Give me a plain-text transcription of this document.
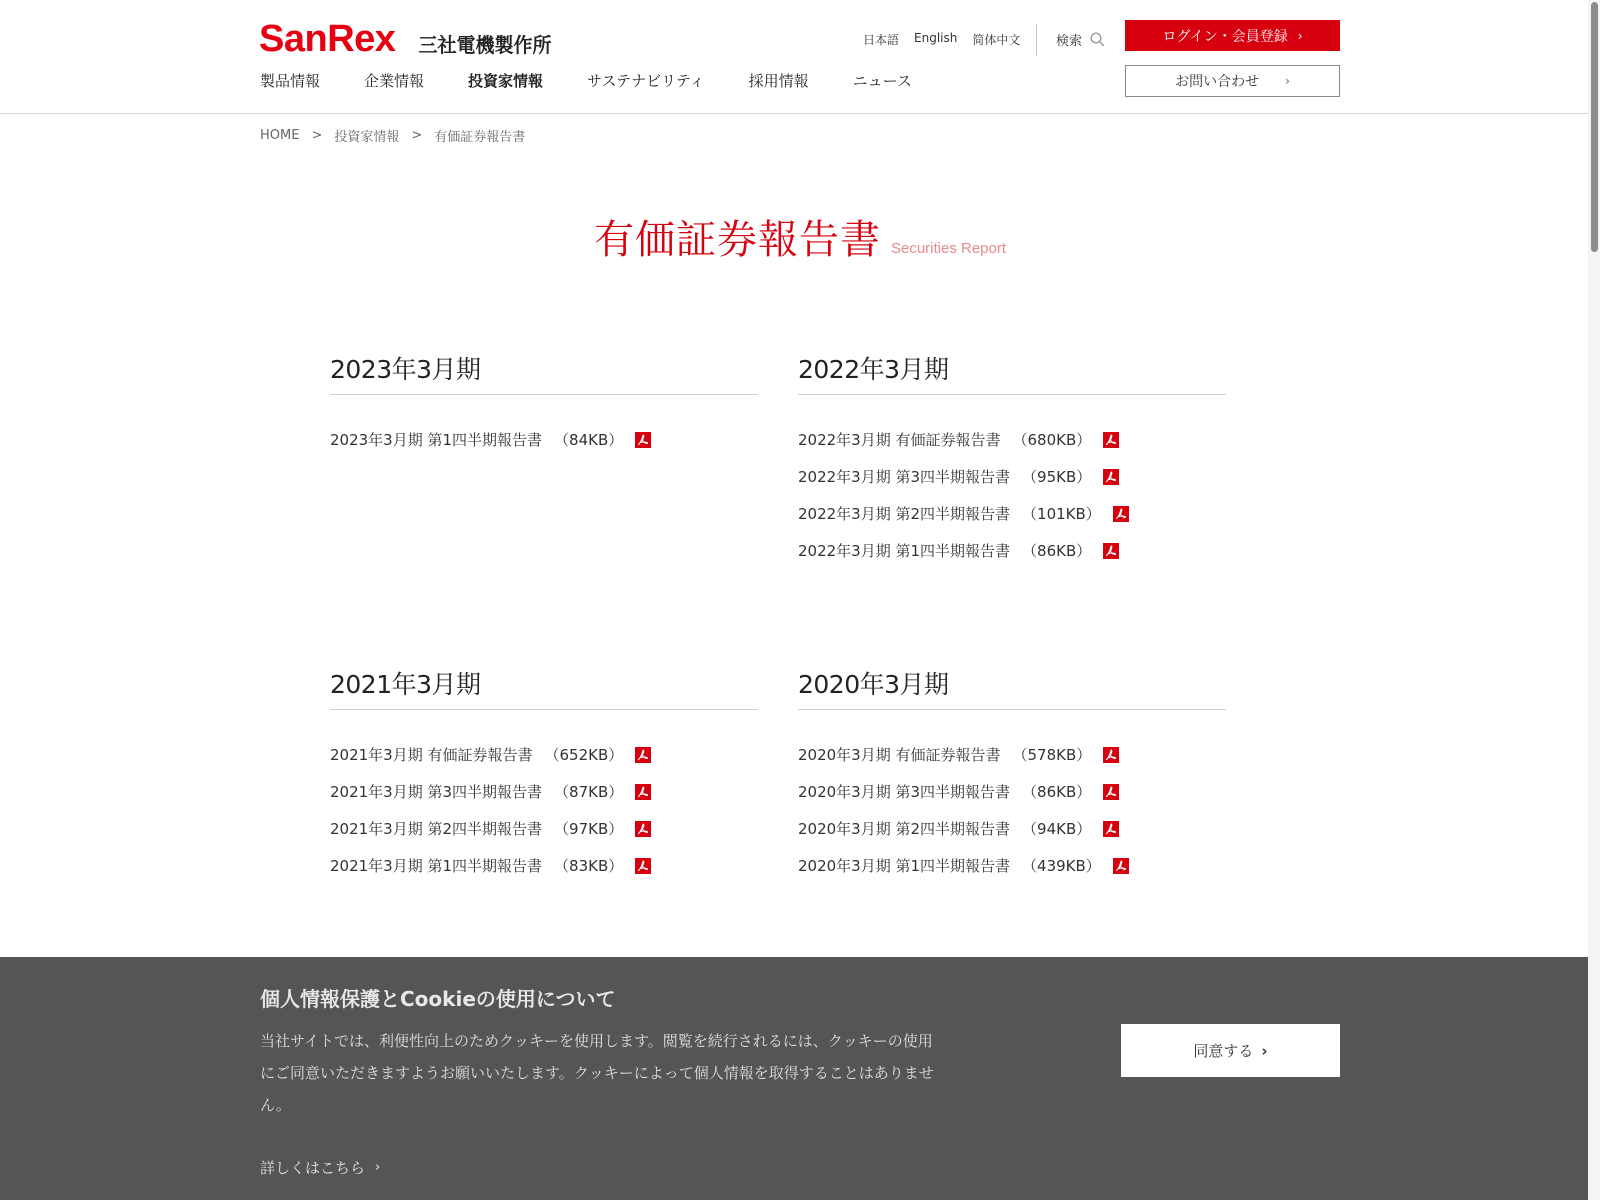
SanRex 三社電機製作所	日本語 English 简体中文	検索	ログイン・会員登録 ›
お問い合わせ ›
製品情報	企業情報	投資家情報	サステナビリティ	採用情報	ニュース
HOME > 投資家情報 > 有価証券報告書
有価証券報告書 Securities Report
2023年3月期
2023年3月期 第1四半期報告書 （84KB）
2022年3月期
2022年3月期 有価証券報告書 （680KB）
2022年3月期 第3四半期報告書 （95KB）
2022年3月期 第2四半期報告書 （101KB）
2022年3月期 第1四半期報告書 （86KB）
2021年3月期
2021年3月期 有価証券報告書 （652KB）
2021年3月期 第3四半期報告書 （87KB）
2021年3月期 第2四半期報告書 （97KB）
2021年3月期 第1四半期報告書 （83KB）
2020年3月期
2020年3月期 有価証券報告書 （578KB）
2020年3月期 第3四半期報告書 （86KB）
2020年3月期 第2四半期報告書 （94KB）
2020年3月期 第1四半期報告書 （439KB）
個人情報保護とCookieの使用について
当社サイトでは、利便性向上のためクッキーを使用します。閲覧を続行されるには、クッキーの使用
にご同意いただきますようお願いいたします。クッキーによって個人情報を取得することはありませ
ん。
詳しくはこちら ›
同意する ›
